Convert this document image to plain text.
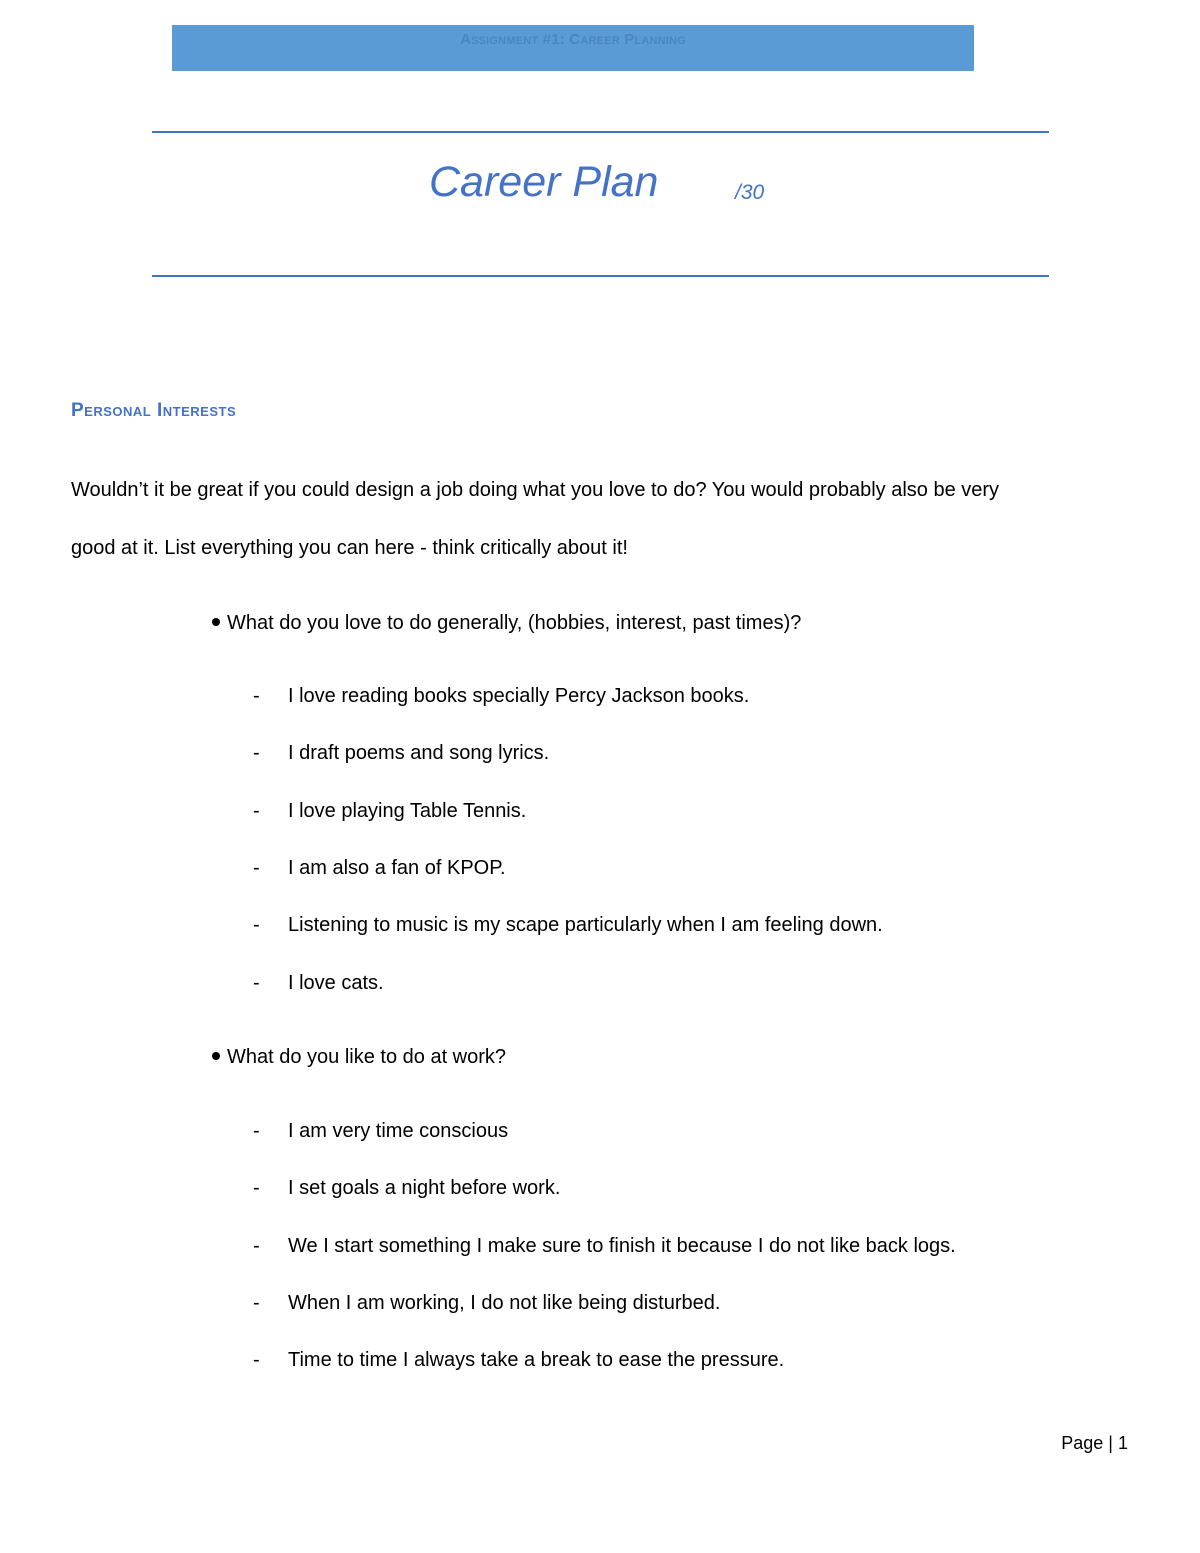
Assignment #1: Career Planning
Career Plan	/30
Personal Interests
Wouldn’t it be great if you could design a job doing what you love to do? You would probably also be very
good at it. List everything you can here - think critically about it!
What do you love to do generally, (hobbies, interest, past times)?
- I love reading books specially Percy Jackson books.
- I draft poems and song lyrics.
- I love playing Table Tennis.
- I am also a fan of KPOP.
- Listening to music is my scape particularly when I am feeling down.
- I love cats.
What do you like to do at work?
- I am very time conscious
- I set goals a night before work.
- We I start something I make sure to finish it because I do not like back logs.
- When I am working, I do not like being disturbed.
- Time to time I always take a break to ease the pressure.
Page | 1
